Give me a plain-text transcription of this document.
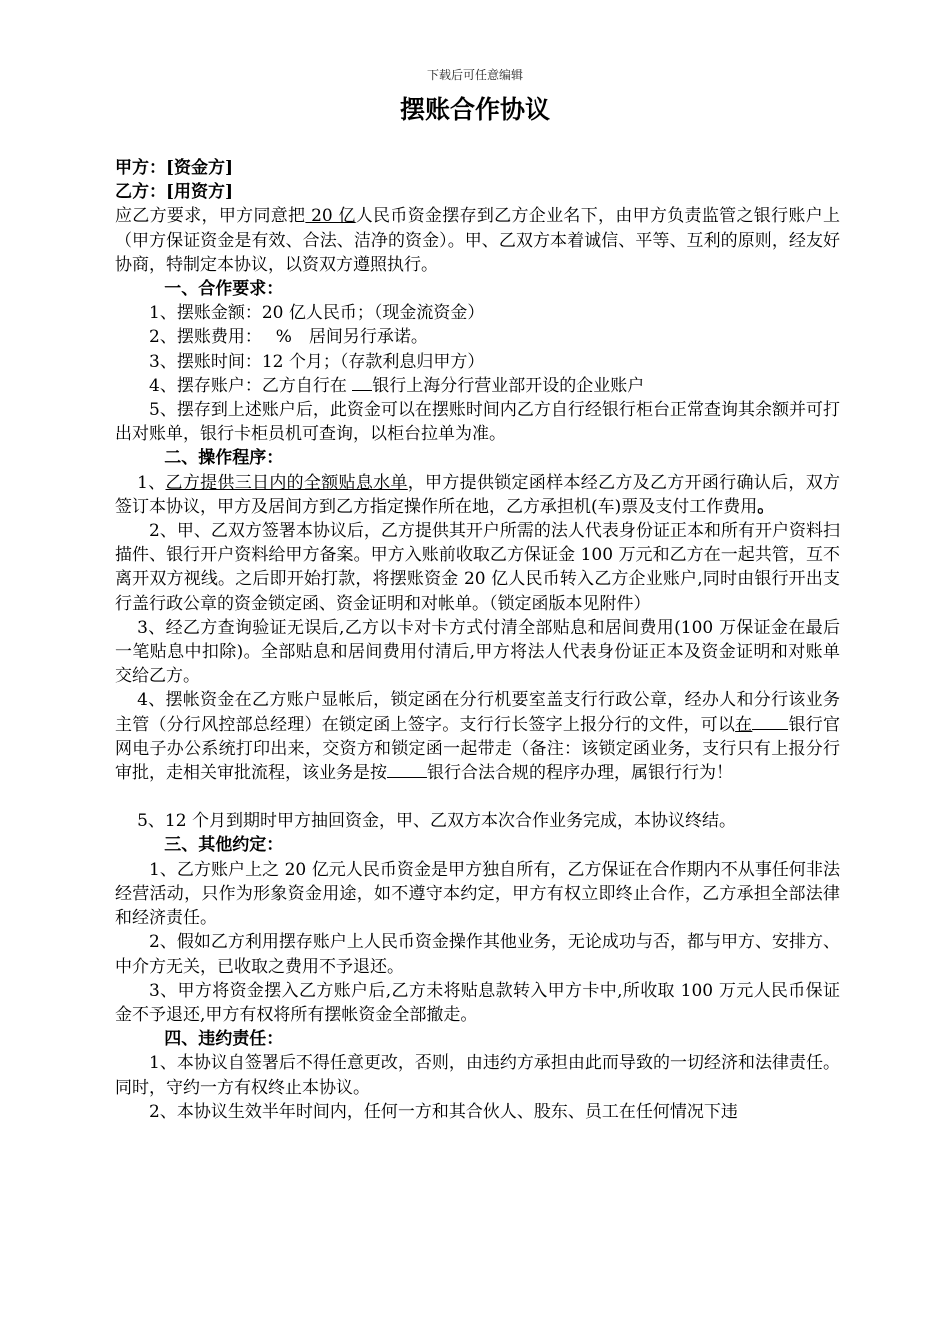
下载后可任意编辑
摆账合作协议

甲方：[资金方]

乙方：[用资方]

应乙方要求，甲方同意把 20 亿人民币资金摆存到乙方企业名下，由甲方负责监管之银行账户上（甲方保证资金是有效、合法、洁净的资金）。甲、乙双方本着诚信、平等、互利的原则，经友好协商，特制定本协议，以资双方遵照执行。

一、合作要求：

1、摆账金额：20 亿人民币；（现金流资金）

2、摆账费用：　 %　居间另行承诺。

3、摆账时间：12 个月；（存款利息归甲方）

4、摆存账户：乙方自行在 银行上海分行营业部开设的企业账户

5、摆存到上述账户后，此资金可以在摆账时间内乙方自行经银行柜台正常查询其余额并可打出对账单，银行卡柜员机可查询，以柜台拉单为准。

二、操作程序：

1、乙方提供三日内的全额贴息水单，甲方提供锁定函样本经乙方及乙方开函行确认后，双方签订本协议，甲方及居间方到乙方指定操作所在地，乙方承担机(车)票及支付工作费用。

2、甲、乙双方签署本协议后，乙方提供其开户所需的法人代表身份证正本和所有开户资料扫描件、银行开户资料给甲方备案。甲方入账前收取乙方保证金 100 万元和乙方在一起共管，互不离开双方视线。之后即开始打款，将摆账资金 20 亿人民币转入乙方企业账户,同时由银行开出支行盖行政公章的资金锁定函、资金证明和对帐单。（锁定函版本见附件）

3、经乙方查询验证无误后,乙方以卡对卡方式付清全部贴息和居间费用(100 万保证金在最后一笔贴息中扣除)。全部贴息和居间费用付清后,甲方将法人代表身份证正本及资金证明和对账单交给乙方。

4、摆帐资金在乙方账户显帐后，锁定函在分行机要室盖支行行政公章，经办人和分行该业务主管（分行风控部总经理）在锁定函上签字。支行行长签字上报分行的文件，可以在 银行官网电子办公系统打印出来，交资方和锁定函一起带走（备注：该锁定函业务，支行只有上报分行审批，走相关审批流程，该业务是按 银行合法合规的程序办理，属银行行为！

5、12 个月到期时甲方抽回资金，甲、乙双方本次合作业务完成，本协议终结。

三、其他约定：

1、乙方账户上之 20 亿元人民币资金是甲方独自所有，乙方保证在合作期内不从事任何非法经营活动，只作为形象资金用途，如不遵守本约定，甲方有权立即终止合作，乙方承担全部法律和经济责任。

2、假如乙方利用摆存账户上人民币资金操作其他业务，无论成功与否，都与甲方、安排方、中介方无关，已收取之费用不予退还。

3、甲方将资金摆入乙方账户后,乙方未将贴息款转入甲方卡中,所收取 100 万元人民币保证金不予退还,甲方有权将所有摆帐资金全部撤走。

四、违约责任：

1、本协议自签署后不得任意更改，否则，由违约方承担由此而导致的一切经济和法律责任。同时，守约一方有权终止本协议。

2、本协议生效半年时间内，任何一方和其合伙人、股东、员工在任何情况下违
